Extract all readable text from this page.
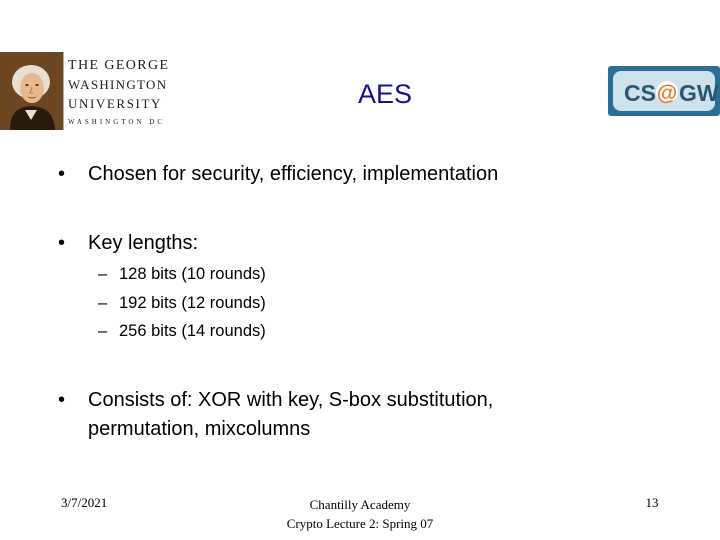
THE GEORGE
WASHINGTON
UNIVERSITY
WASHINGTON DC
CS @ GW
AES
• Chosen for security, efficiency, implementation
• Key lengths:
– 128 bits (10 rounds)
– 192 bits (12 rounds)
– 256 bits (14 rounds)
• Consists of: XOR with key, S-box substitution, permutation, mixcolumns
3/7/2021	Chantilly Academy
Crypto Lecture 2: Spring 07
13
